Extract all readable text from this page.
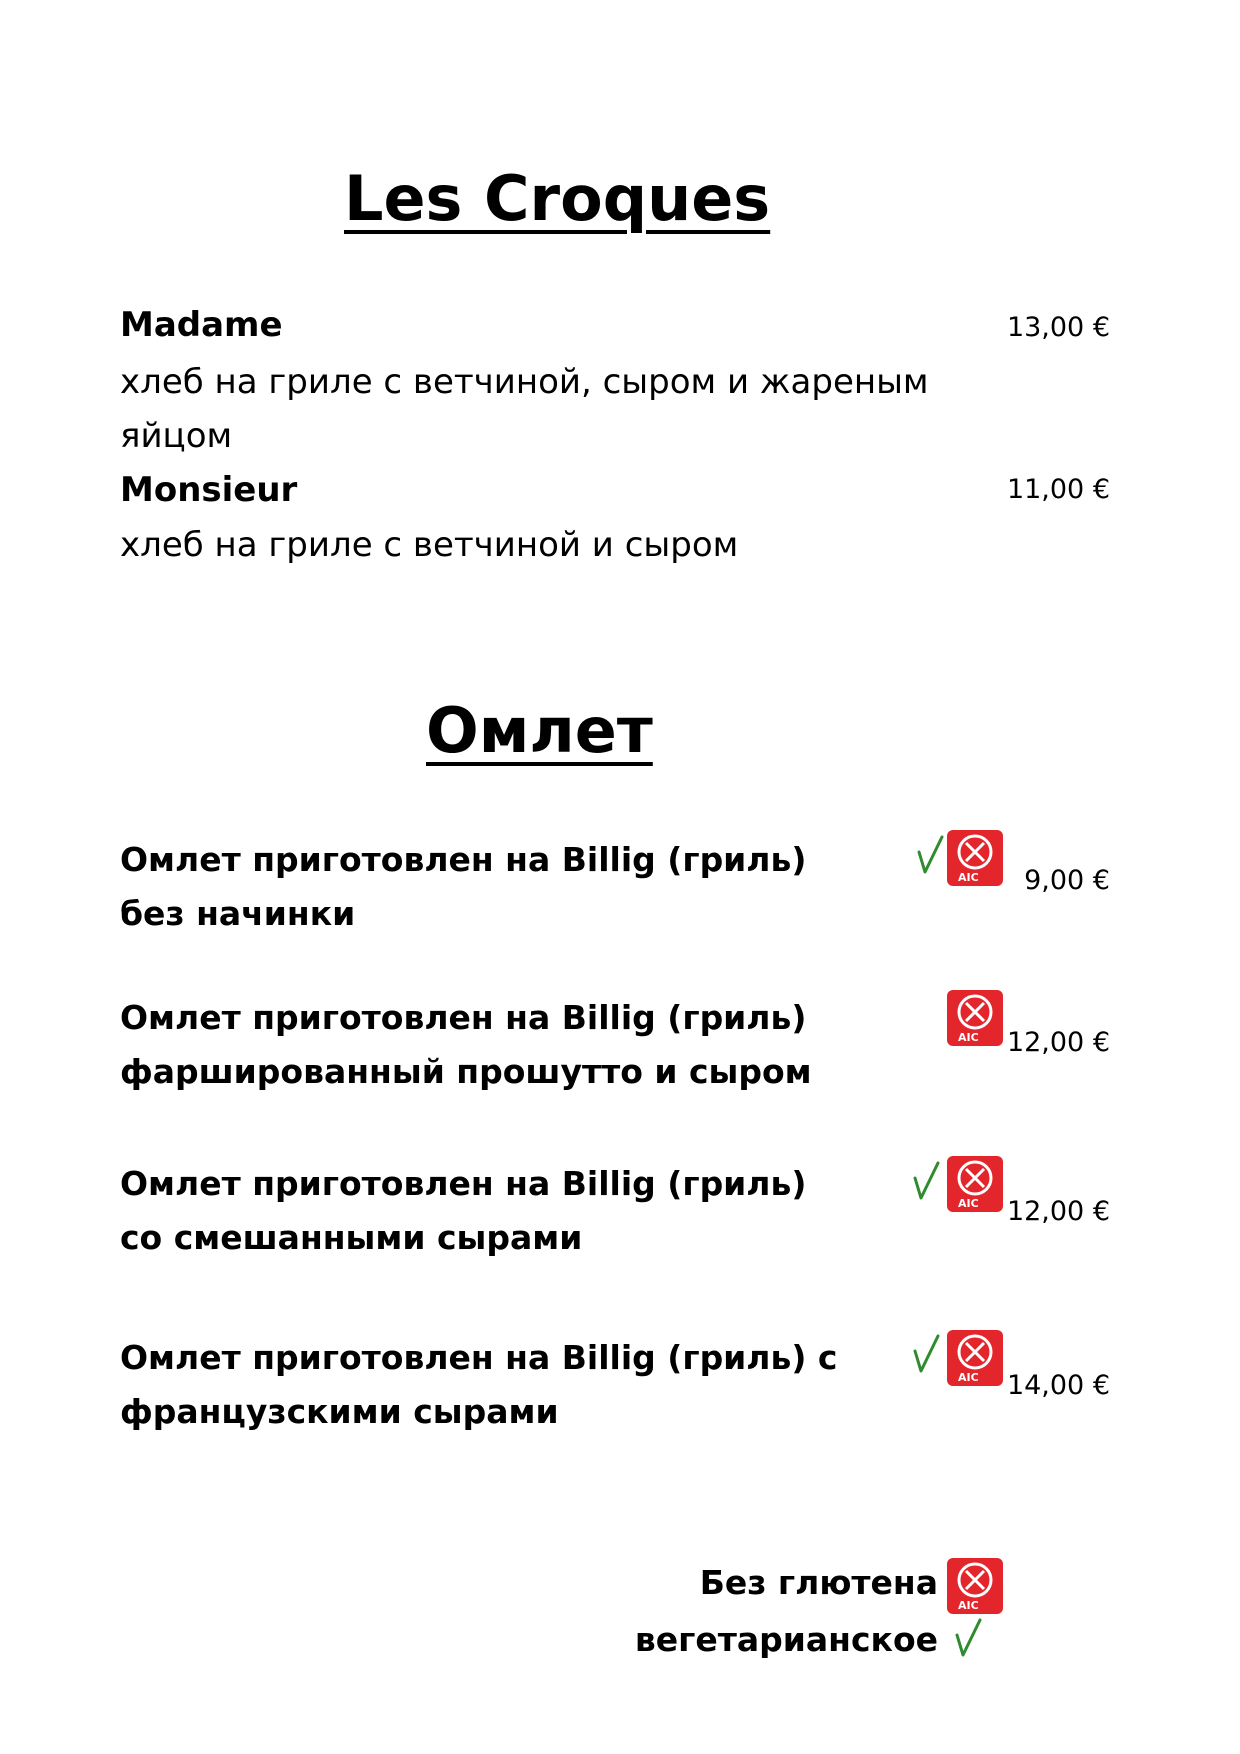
Les Croques
Madame	13,00 €
хлеб на гриле с ветчиной, сыром и жареным яйцом
Monsieur	11,00 €
хлеб на гриле с ветчиной и сыром
Омлет
Омлет приготовлен на Billig (гриль) без начинки
AIC 9,00 €
Омлет приготовлен на Billig (гриль) фаршированный прошутто и сыром
AIC 12,00 €
Омлет приготовлен на Billig (гриль) со смешанными сырами
AIC 12,00 €
Омлет приготовлен на Billig (гриль) с французскими сырами
AIC 14,00 €
Без глютена
AIC
вегетарианское
